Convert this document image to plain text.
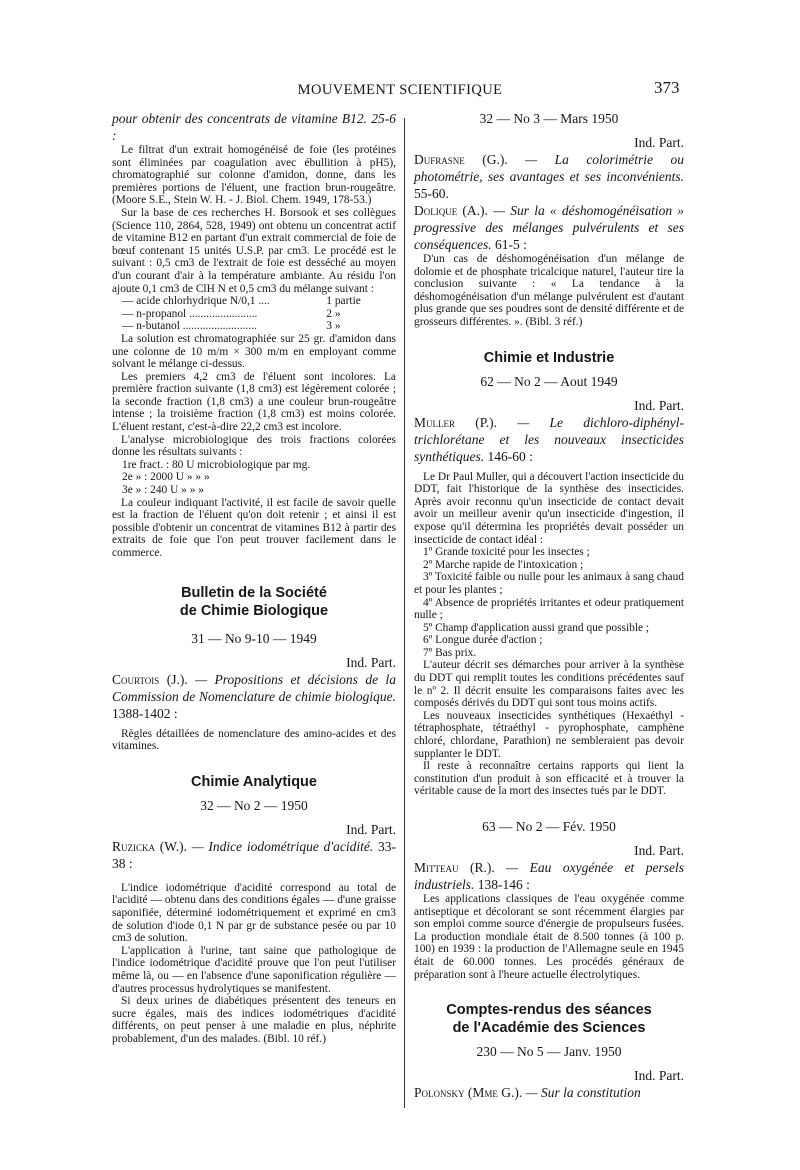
MOUVEMENT SCIENTIFIQUE	373

pour obtenir des concentrats de vitamine B12. 25-6 :

Le filtrat d'un extrait homogénéisé de foie (les protéines sont éliminées par coagulation avec ébullition à pH5), chromatographié sur colonne d'amidon, donne, dans les premières portions de l'éluent, une fraction brun-rougeâtre. (Moore S.E., Stein W. H. - J. Biol. Chem. 1949, 178-53.)

Sur la base de ces recherches H. Borsook et ses collègues (Science 110, 2864, 528, 1949) ont obtenu un concentrat actif de vitamine B12 en partant d'un extrait commercial de foie de bœuf contenant 15 unités U.S.P. par cm3. Le procédé est le suivant : 0,5 cm3 de l'extrait de foie est desséché au moyen d'un courant d'air à la température ambiante. Au résidu l'on ajoute 0,1 cm3 de ClH N et 0,5 cm3 du mélange suivant :

— acide chlorhydrique N/0,1 ....	1 partie
— n-propanol ........................	2 »
— n-butanol ..........................	3 »

La solution est chromatographiée sur 25 gr. d'amidon dans une colonne de 10 m/m × 300 m/m en employant comme solvant le mélange ci-dessus.

Les premiers 4,2 cm3 de l'éluent sont incolores. La première fraction suivante (1,8 cm3) est légèrement colorée ; la seconde fraction (1,8 cm3) a une couleur brun-rougeâtre intense ; la troisième fraction (1,8 cm3) est moins colorée. L'éluent restant, c'est-à-dire 22,2 cm3 est incolore.

L'analyse microbiologique des trois fractions colorées donne les résultats suivants :

1re fract. : 80 U microbiologique par mg.
2e » : 2000 U » » »
3e » : 240 U » » »

La couleur indiquant l'activité, il est facile de savoir quelle est la fraction de l'éluent qu'on doit retenir ; et ainsi il est possible d'obtenir un concentrat de vitamines B12 à partir des extraits de foie que l'on peut trouver facilement dans le commerce.

Bulletin de la Société
de Chimie Biologique
31 — No 9-10 — 1949
Ind. Part.

Courtois (J.). — Propositions et décisions de la Commission de Nomenclature de chimie biologique. 1388-1402 :

Règles détaillées de nomenclature des amino-acides et des vitamines.

Chimie Analytique
32 — No 2 — 1950
Ind. Part.

Ruzicka (W.). — Indice iodométrique d'acidité. 33-38 :

L'indice iodométrique d'acidité correspond au total de l'acidité — obtenu dans des conditions égales — d'une graisse saponifiée, déterminé iodométriquement et exprimé en cm3 de solution d'iode 0,1 N par gr de substance pesée ou par 10 cm3 de solution.

L'application à l'urine, tant saine que pathologique de l'indice iodométrique d'acidité prouve que l'on peut l'utiliser même là, ou — en l'absence d'une saponification régulière — d'autres processus hydrolytiques se manifestent.

Si deux urines de diabétiques présentent des teneurs en sucre égales, mais des indices iodométriques d'acidité différents, on peut penser à une maladie en plus, néphrite probablement, d'un des malades. (Bibl. 10 réf.)

32 — No 3 — Mars 1950
Ind. Part.

Dufrasne (G.). — La colorimétrie ou photométrie, ses avantages et ses inconvénients. 55-60.

Dolique (A.). — Sur la « déshomogénéisation » progressive des mélanges pulvérulents et ses conséquences. 61-5 :

D'un cas de déshomogénéisation d'un mélange de dolomie et de phosphate tricalcique naturel, l'auteur tire la conclusion suivante : « La tendance à la déshomogénéisation d'un mélange pulvérulent est d'autant plus grande que ses poudres sont de densité différente et de grosseurs différentes. ». (Bibl. 3 réf.)

Chimie et Industrie
62 — No 2 — Aout 1949
Ind. Part.

Muller (P.). — Le dichloro-diphényl-trichlorétane et les nouveaux insecticides synthétiques. 146-60 :

Le Dr Paul Muller, qui a découvert l'action insecticide du DDT, fait l'historique de la synthèse des insecticides. Après avoir reconnu qu'un insecticide de contact devait avoir un meilleur avenir qu'un insecticide d'ingestion, il expose qu'il détermina les propriétés devait posséder un insecticide de contact idéal :

1º Grande toxicité pour les insectes ;

2º Marche rapide de l'intoxication ;

3º Toxicité faible ou nulle pour les animaux à sang chaud et pour les plantes ;

4º Absence de propriétés irritantes et odeur pratiquement nulle ;

5º Champ d'application aussi grand que possible ;

6º Longue durée d'action ;

7º Bas prix.

L'auteur décrit ses démarches pour arriver à la synthèse du DDT qui remplit toutes les conditions précédentes sauf le nº 2. Il décrit ensuite les comparaisons faites avec les composés dérivés du DDT qui sont tous moins actifs.

Les nouveaux insecticides synthétiques (Hexaéthyl - tétraphosphate, tétraéthyl - pyrophosphate, camphène chloré, chlordane, Parathion) ne sembleraient pas devoir supplanter le DDT.

Il reste à reconnaître certains rapports qui lient la constitution d'un produit à son efficacité et à trouver la véritable cause de la mort des insectes tués par le DDT.

63 — No 2 — Fév. 1950
Ind. Part.

Mitteau (R.). — Eau oxygénée et persels industriels. 138-146 :

Les applications classiques de l'eau oxygénée comme antiseptique et décolorant se sont récemment élargies par son emploi comme source d'énergie de propulseurs fusées. La production mondiale était de 8.500 tonnes (à 100 p. 100) en 1939 : la production de l'Allemagne seule en 1945 était de 60.000 tonnes. Les procédés généraux de préparation sont à l'heure actuelle électrolytiques.

Comptes-rendus des séances
de l'Académie des Sciences
230 — No 5 — Janv. 1950
Ind. Part.

Polonsky (Mme G.). — Sur la constitution
